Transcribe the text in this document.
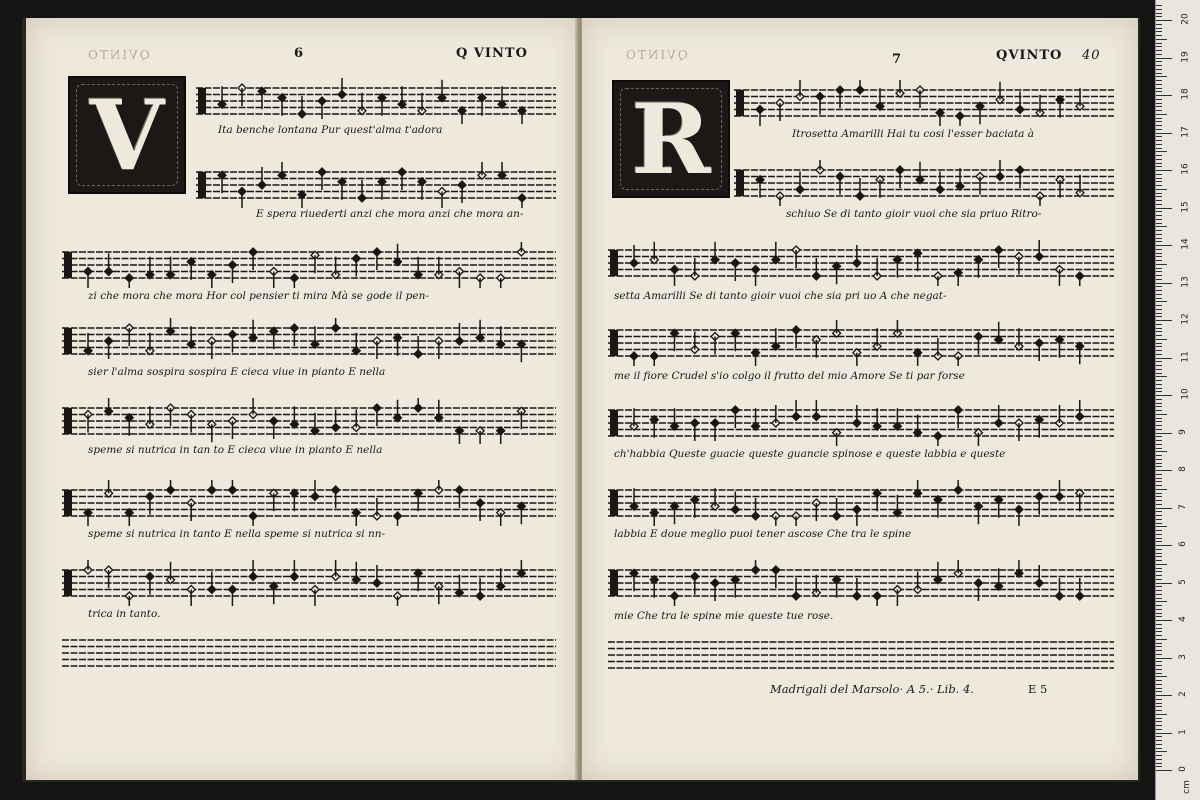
QVINTO	6	Q VINTO
V	Ita benche lontana Pur quest'alma t'adora
E spera riuederti anzi che mora anzi che mora an-
zi che mora che mora Hor col pensier ti mira Mà se gode il pen-
sier l'alma sospira sospira E cieca viue in pianto E nella
speme si nutrica in tan to E cieca viue in pianto E nella
speme si nutrica in tanto E nella speme si nutrica si nn-
trica in tanto.
QVINTO	7	QVINTO 40
R	Itrosetta Amarilli Hai tu cosi l'esser baciata à
schiuo Se di tanto gioir vuoi che sia priuo Ritro-
setta Amarilli Se di tanto gioir vuoi che sia pri uo A che negat-
me il fiore Crudel s'io colgo il frutto del mio Amore Se ti par forse
ch'habbia Queste guacie queste guancie spinose e queste labbia e queste
labbia E doue meglio puoi tener ascose Che tra le spine
mie Che tra le spine mie queste tue rose.
Madrigali del Marsolo· A 5.· Lib. 4.	E 5
0
1
2
3
4
5
6
7
8
9
10
11
12
13
14
15
16
17
18
19
20
cm
